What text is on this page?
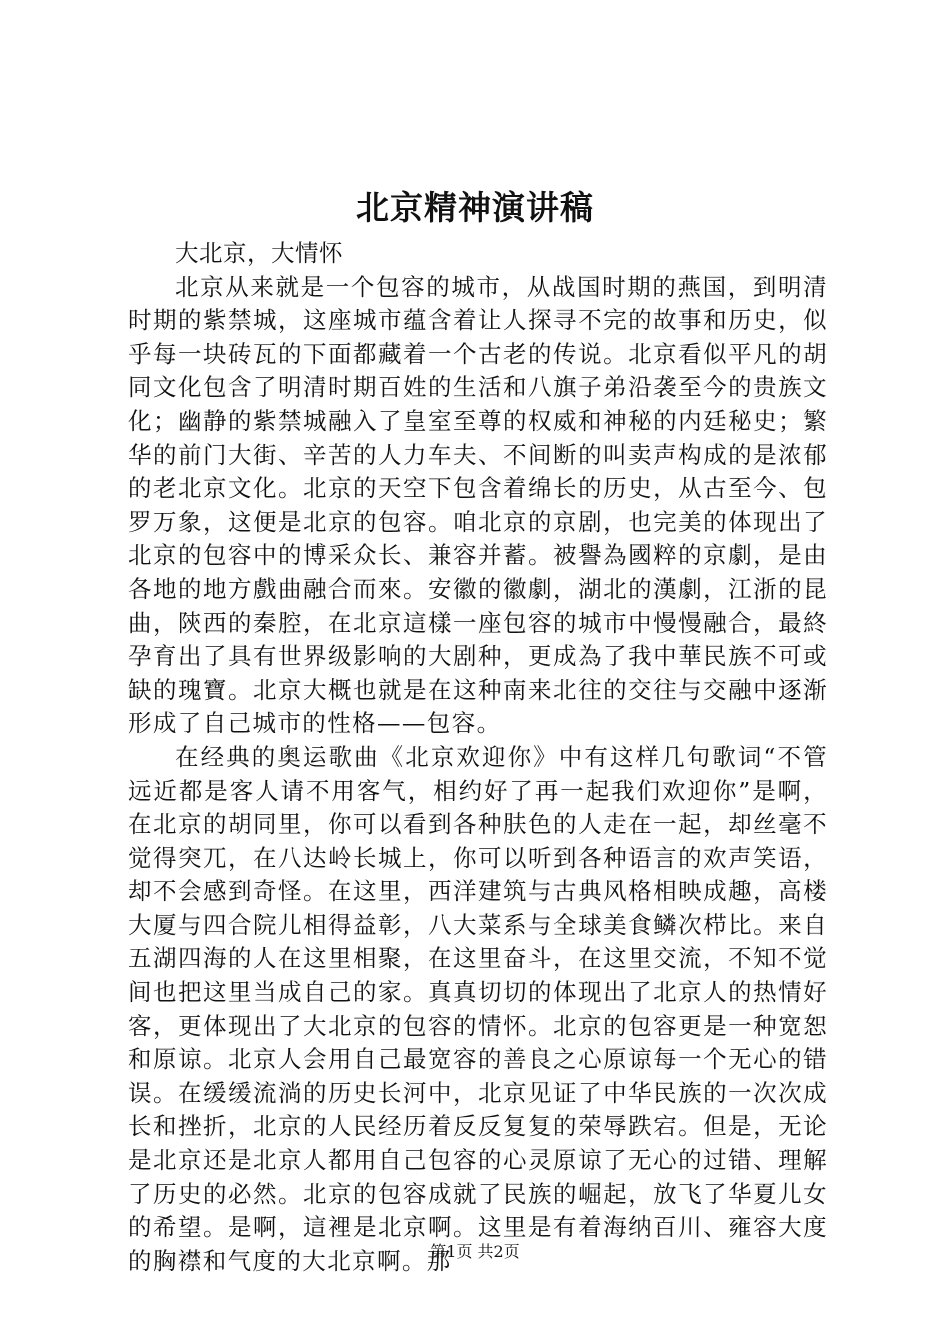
北京精神演讲稿

大北京，大情怀

北京从来就是一个包容的城市，从战国时期的燕国，到明清时期的紫禁城，这座城市蕴含着让人探寻不完的故事和历史，似乎每一块砖瓦的下面都藏着一个古老的传说。北京看似平凡的胡同文化包含了明清时期百姓的生活和八旗子弟沿袭至今的贵族文化；幽静的紫禁城融入了皇室至尊的权威和神秘的内廷秘史；繁华的前门大街、辛苦的人力车夫、不间断的叫卖声构成的是浓郁的老北京文化。北京的天空下包含着绵长的历史，从古至今、包罗万象，这便是北京的包容。咱北京的京剧，也完美的体现出了北京的包容中的博采众长、兼容并蓄。被譽為國粹的京劇，是由各地的地方戲曲融合而來。安徽的徽劇，湖北的漢劇，江浙的昆曲，陝西的秦腔，在北京這樣一座包容的城市中慢慢融合，最終孕育出了具有世界级影响的大剧种，更成為了我中華民族不可或缺的瑰寶。北京大概也就是在这种南来北往的交往与交融中逐渐形成了自己城市的性格——包容。

在经典的奥运歌曲《北京欢迎你》中有这样几句歌词“不管远近都是客人请不用客气，相约好了再一起我们欢迎你”是啊，在北京的胡同里，你可以看到各种肤色的人走在一起，却丝毫不觉得突兀，在八达岭长城上，你可以听到各种语言的欢声笑语，却不会感到奇怪。在这里，西洋建筑与古典风格相映成趣，高楼大厦与四合院儿相得益彰，八大菜系与全球美食鳞次栉比。来自五湖四海的人在这里相聚，在这里奋斗，在这里交流，不知不觉间也把这里当成自己的家。真真切切的体现出了北京人的热情好客，更体现出了大北京的包容的情怀。北京的包容更是一种宽恕和原谅。北京人会用自己最宽容的善良之心原谅每一个无心的错误。在缓缓流淌的历史长河中，北京见证了中华民族的一次次成长和挫折，北京的人民经历着反反复复的荣辱跌宕。但是，无论是北京还是北京人都用自己包容的心灵原谅了无心的过错、理解了历史的必然。北京的包容成就了民族的崛起，放飞了华夏儿女的希望。是啊，這裡是北京啊。这里是有着海纳百川、雍容大度的胸襟和气度的大北京啊。那

第1页 共2页
